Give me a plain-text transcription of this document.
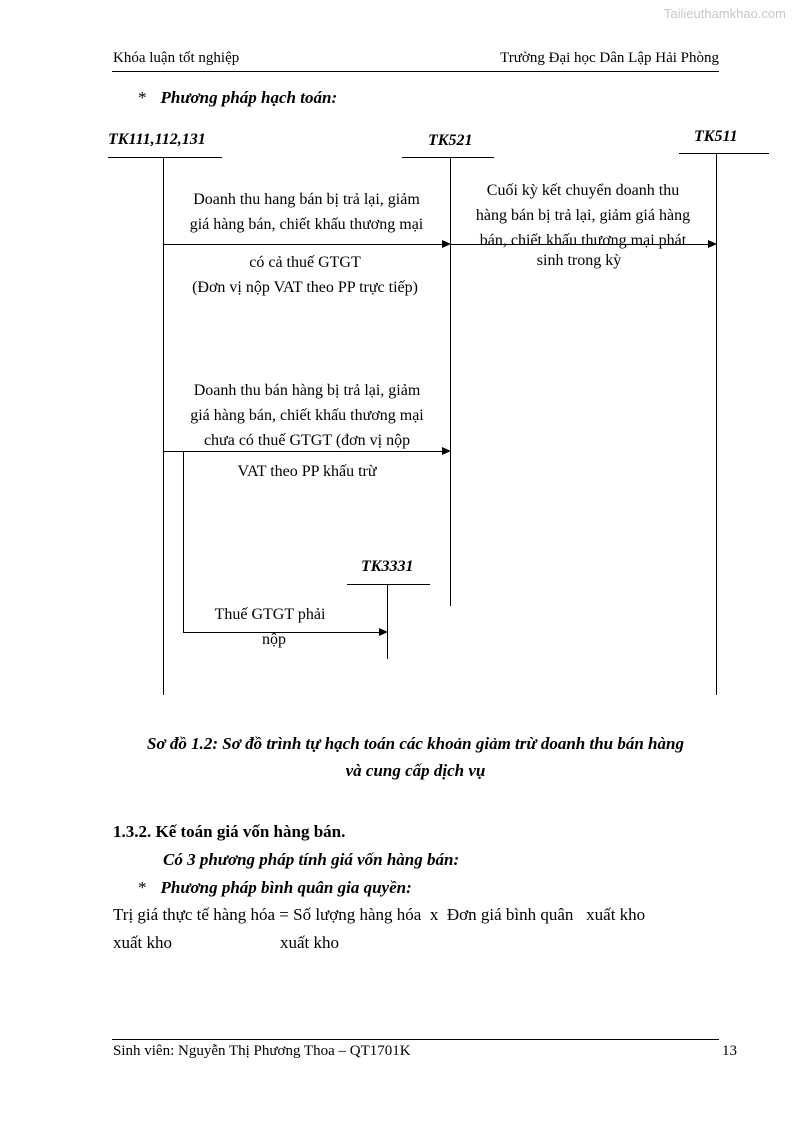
Tailieuthamkhao.com
Khóa luận tốt nghiệp	Trường Đại học Dân Lập Hải Phòng
* Phương pháp hạch toán:
TK111,112,131	TK521	TK511
TK3331
Doanh thu hang bán bị trả lại, giảm
giá hàng bán, chiết khấu thương mại
có cả thuế GTGT
(Đơn vị nộp VAT theo PP trực tiếp)
Cuối kỳ kết chuyển doanh thu
hàng bán bị trả lại, giảm giá hàng
bán, chiết khấu thương mại phát
sinh trong kỳ
Doanh thu bán hàng bị trả lại, giảm
giá hàng bán, chiết khấu thương mại
chưa có thuế GTGT (đơn vị nộp
VAT theo PP khấu trừ
Thuế GTGT phải
nộp
Sơ đồ 1.2: Sơ đồ trình tự hạch toán các khoản giảm trừ doanh thu bán hàng
và cung cấp dịch vụ
1.3.2. Kế toán giá vốn hàng bán.
Có 3 phương pháp tính giá vốn hàng bán:
* Phương pháp bình quân gia quyền:
Trị giá thực tế hàng hóa = Số lượng hàng hóa  x  Đơn giá bình quân   xuất kho
xuất kho	xuất kho
Sinh viên: Nguyễn Thị Phương Thoa – QT1701K	13
